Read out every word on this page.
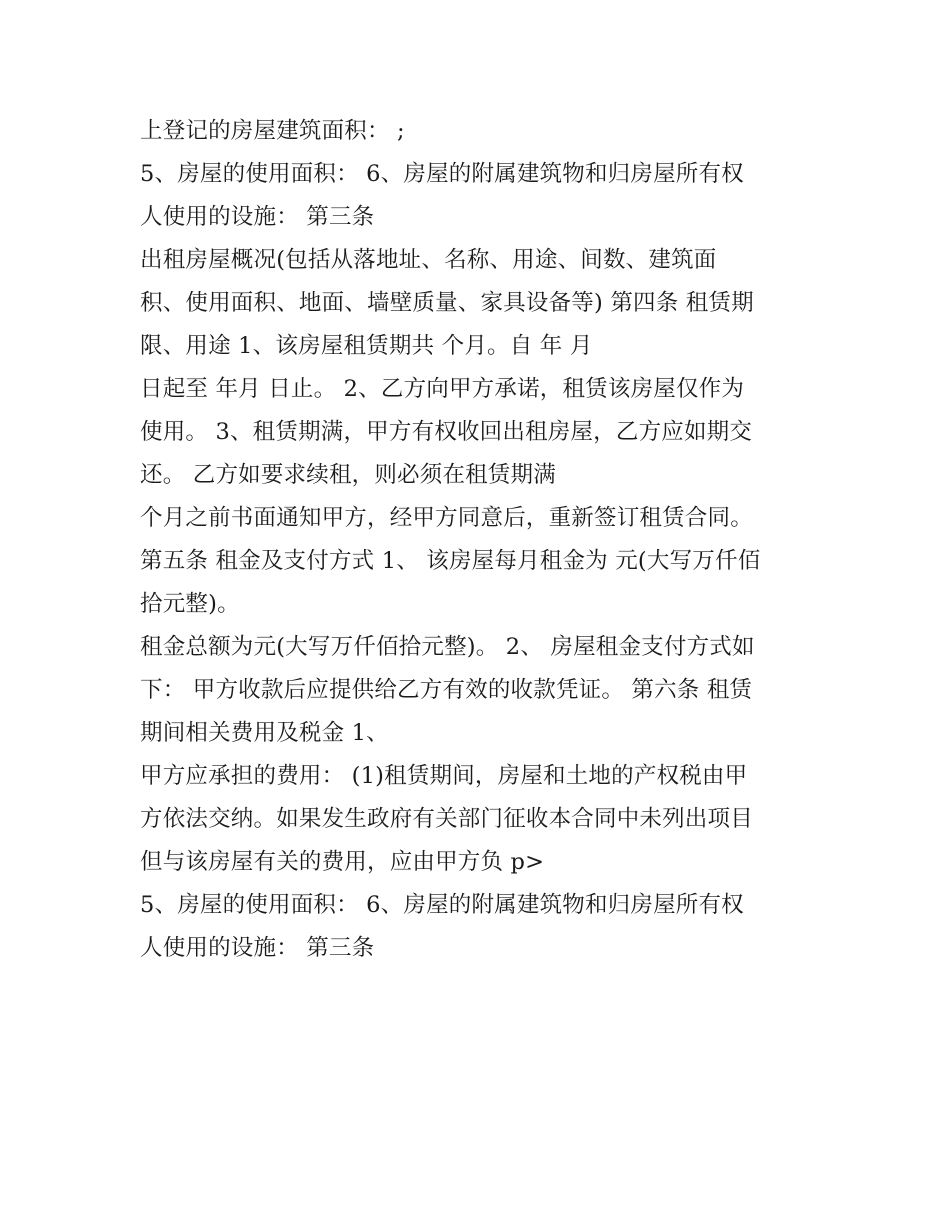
上登记的房屋建筑面积： ;
5、房屋的使用面积： 6、房屋的附属建筑物和归房屋所有权
人使用的设施： 第三条
出租房屋概况(包括从落地址、名称、用途、间数、建筑面
积、使用面积、地面、墙壁质量、家具设备等) 第四条 租赁期
限、用途 1、该房屋租赁期共 个月。自 年 月
日起至 年月 日止。 2、乙方向甲方承诺，租赁该房屋仅作为
使用。 3、租赁期满，甲方有权收回出租房屋，乙方应如期交
还。 乙方如要求续租，则必须在租赁期满
个月之前书面通知甲方，经甲方同意后，重新签订租赁合同。
第五条 租金及支付方式 1、 该房屋每月租金为 元(大写万仟佰
拾元整)。
租金总额为元(大写万仟佰拾元整)。 2、 房屋租金支付方式如
下： 甲方收款后应提供给乙方有效的收款凭证。 第六条 租赁
期间相关费用及税金 1、
甲方应承担的费用： (1)租赁期间，房屋和土地的产权税由甲
方依法交纳。如果发生政府有关部门征收本合同中未列出项目
但与该房屋有关的费用，应由甲方负 p>
5、房屋的使用面积： 6、房屋的附属建筑物和归房屋所有权
人使用的设施： 第三条
